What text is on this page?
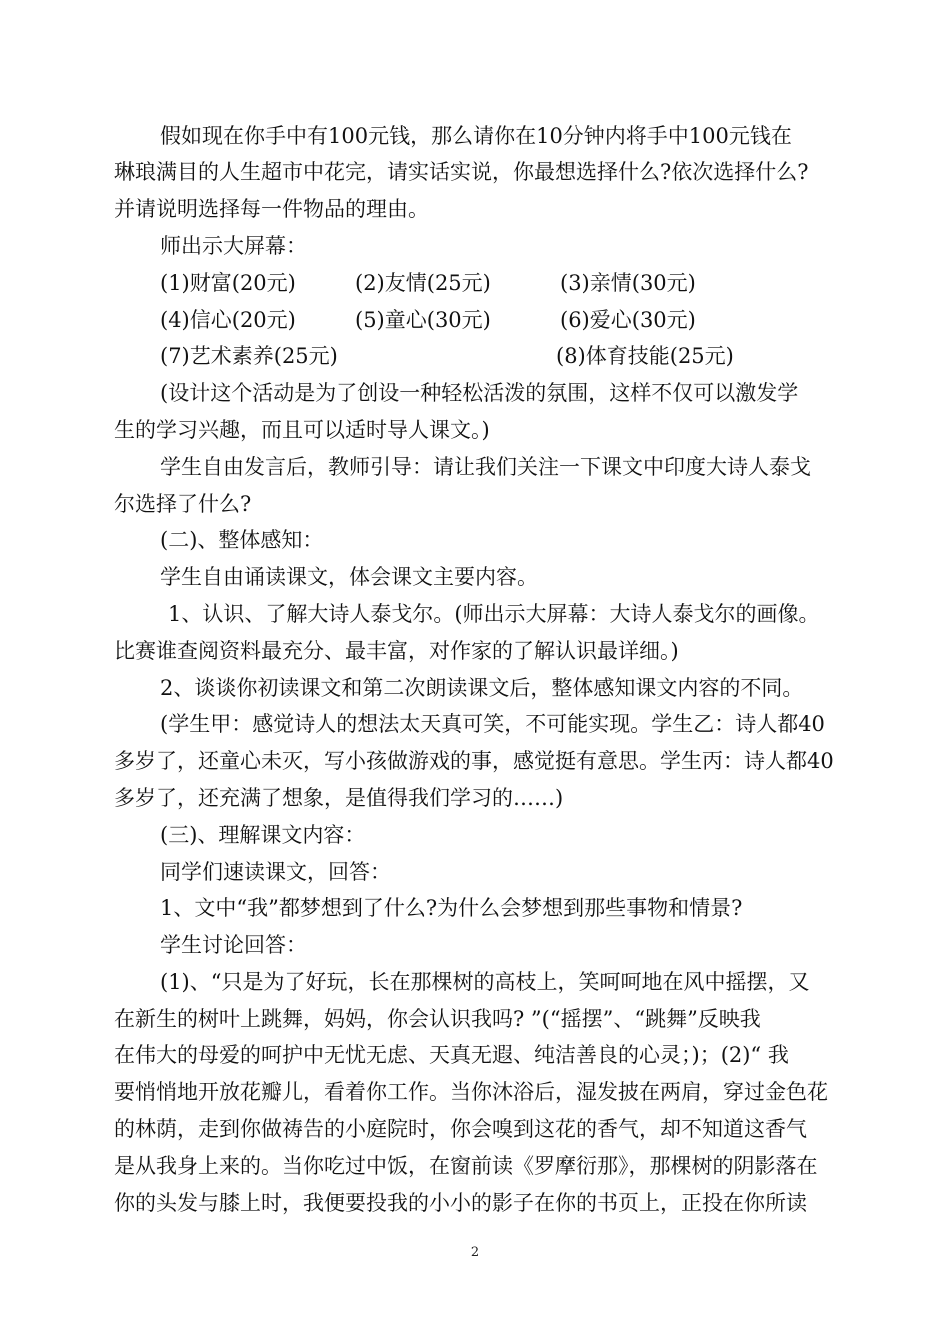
假如现在你手中有100元钱，那么请你在10分钟内将手中100元钱在
琳琅满目的人生超市中花完，请实话实说，你最想选择什么?依次选择什么?
并请说明选择每一件物品的理由。
师出示大屏幕：
(1)财富(20元)	(2)友情(25元)	(3)亲情(30元)
(4)信心(20元)	(5)童心(30元)	(6)爱心(30元)
(7)艺术素养(25元)	(8)体育技能(25元)
(设计这个活动是为了创设一种轻松活泼的氛围，这样不仅可以激发学
生的学习兴趣，而且可以适时导人课文。)
学生自由发言后，教师引导：请让我们关注一下课文中印度大诗人泰戈
尔选择了什么?
(二)、整体感知：
学生自由诵读课文，体会课文主要内容。
1、认识、了解大诗人泰戈尔。(师出示大屏幕：大诗人泰戈尔的画像。
比赛谁查阅资料最充分、最丰富，对作家的了解认识最详细。)
2、谈谈你初读课文和第二次朗读课文后，整体感知课文内容的不同。
(学生甲：感觉诗人的想法太天真可笑，不可能实现。学生乙：诗人都40
多岁了，还童心未灭，写小孩做游戏的事，感觉挺有意思。学生丙：诗人都40
多岁了，还充满了想象，是值得我们学习的……)
(三)、理解课文内容：
同学们速读课文，回答：
1、文中“我”都梦想到了什么?为什么会梦想到那些事物和情景?
学生讨论回答：
(1)、“只是为了好玩，长在那棵树的高枝上，笑呵呵地在风中摇摆，又
在新生的树叶上跳舞，妈妈，你会认识我吗? ”(“摇摆”、“跳舞”反映我
在伟大的母爱的呵护中无忧无虑、天真无遐、纯洁善良的心灵；)；(2)“ 我
要悄悄地开放花瓣儿，看着你工作。当你沐浴后，湿发披在两肩，穿过金色花
的林荫，走到你做祷告的小庭院时，你会嗅到这花的香气，却不知道这香气
是从我身上来的。当你吃过中饭，在窗前读《罗摩衍那》，那棵树的阴影落在
你的头发与膝上时，我便要投我的小小的影子在你的书页上，正投在你所读
2
